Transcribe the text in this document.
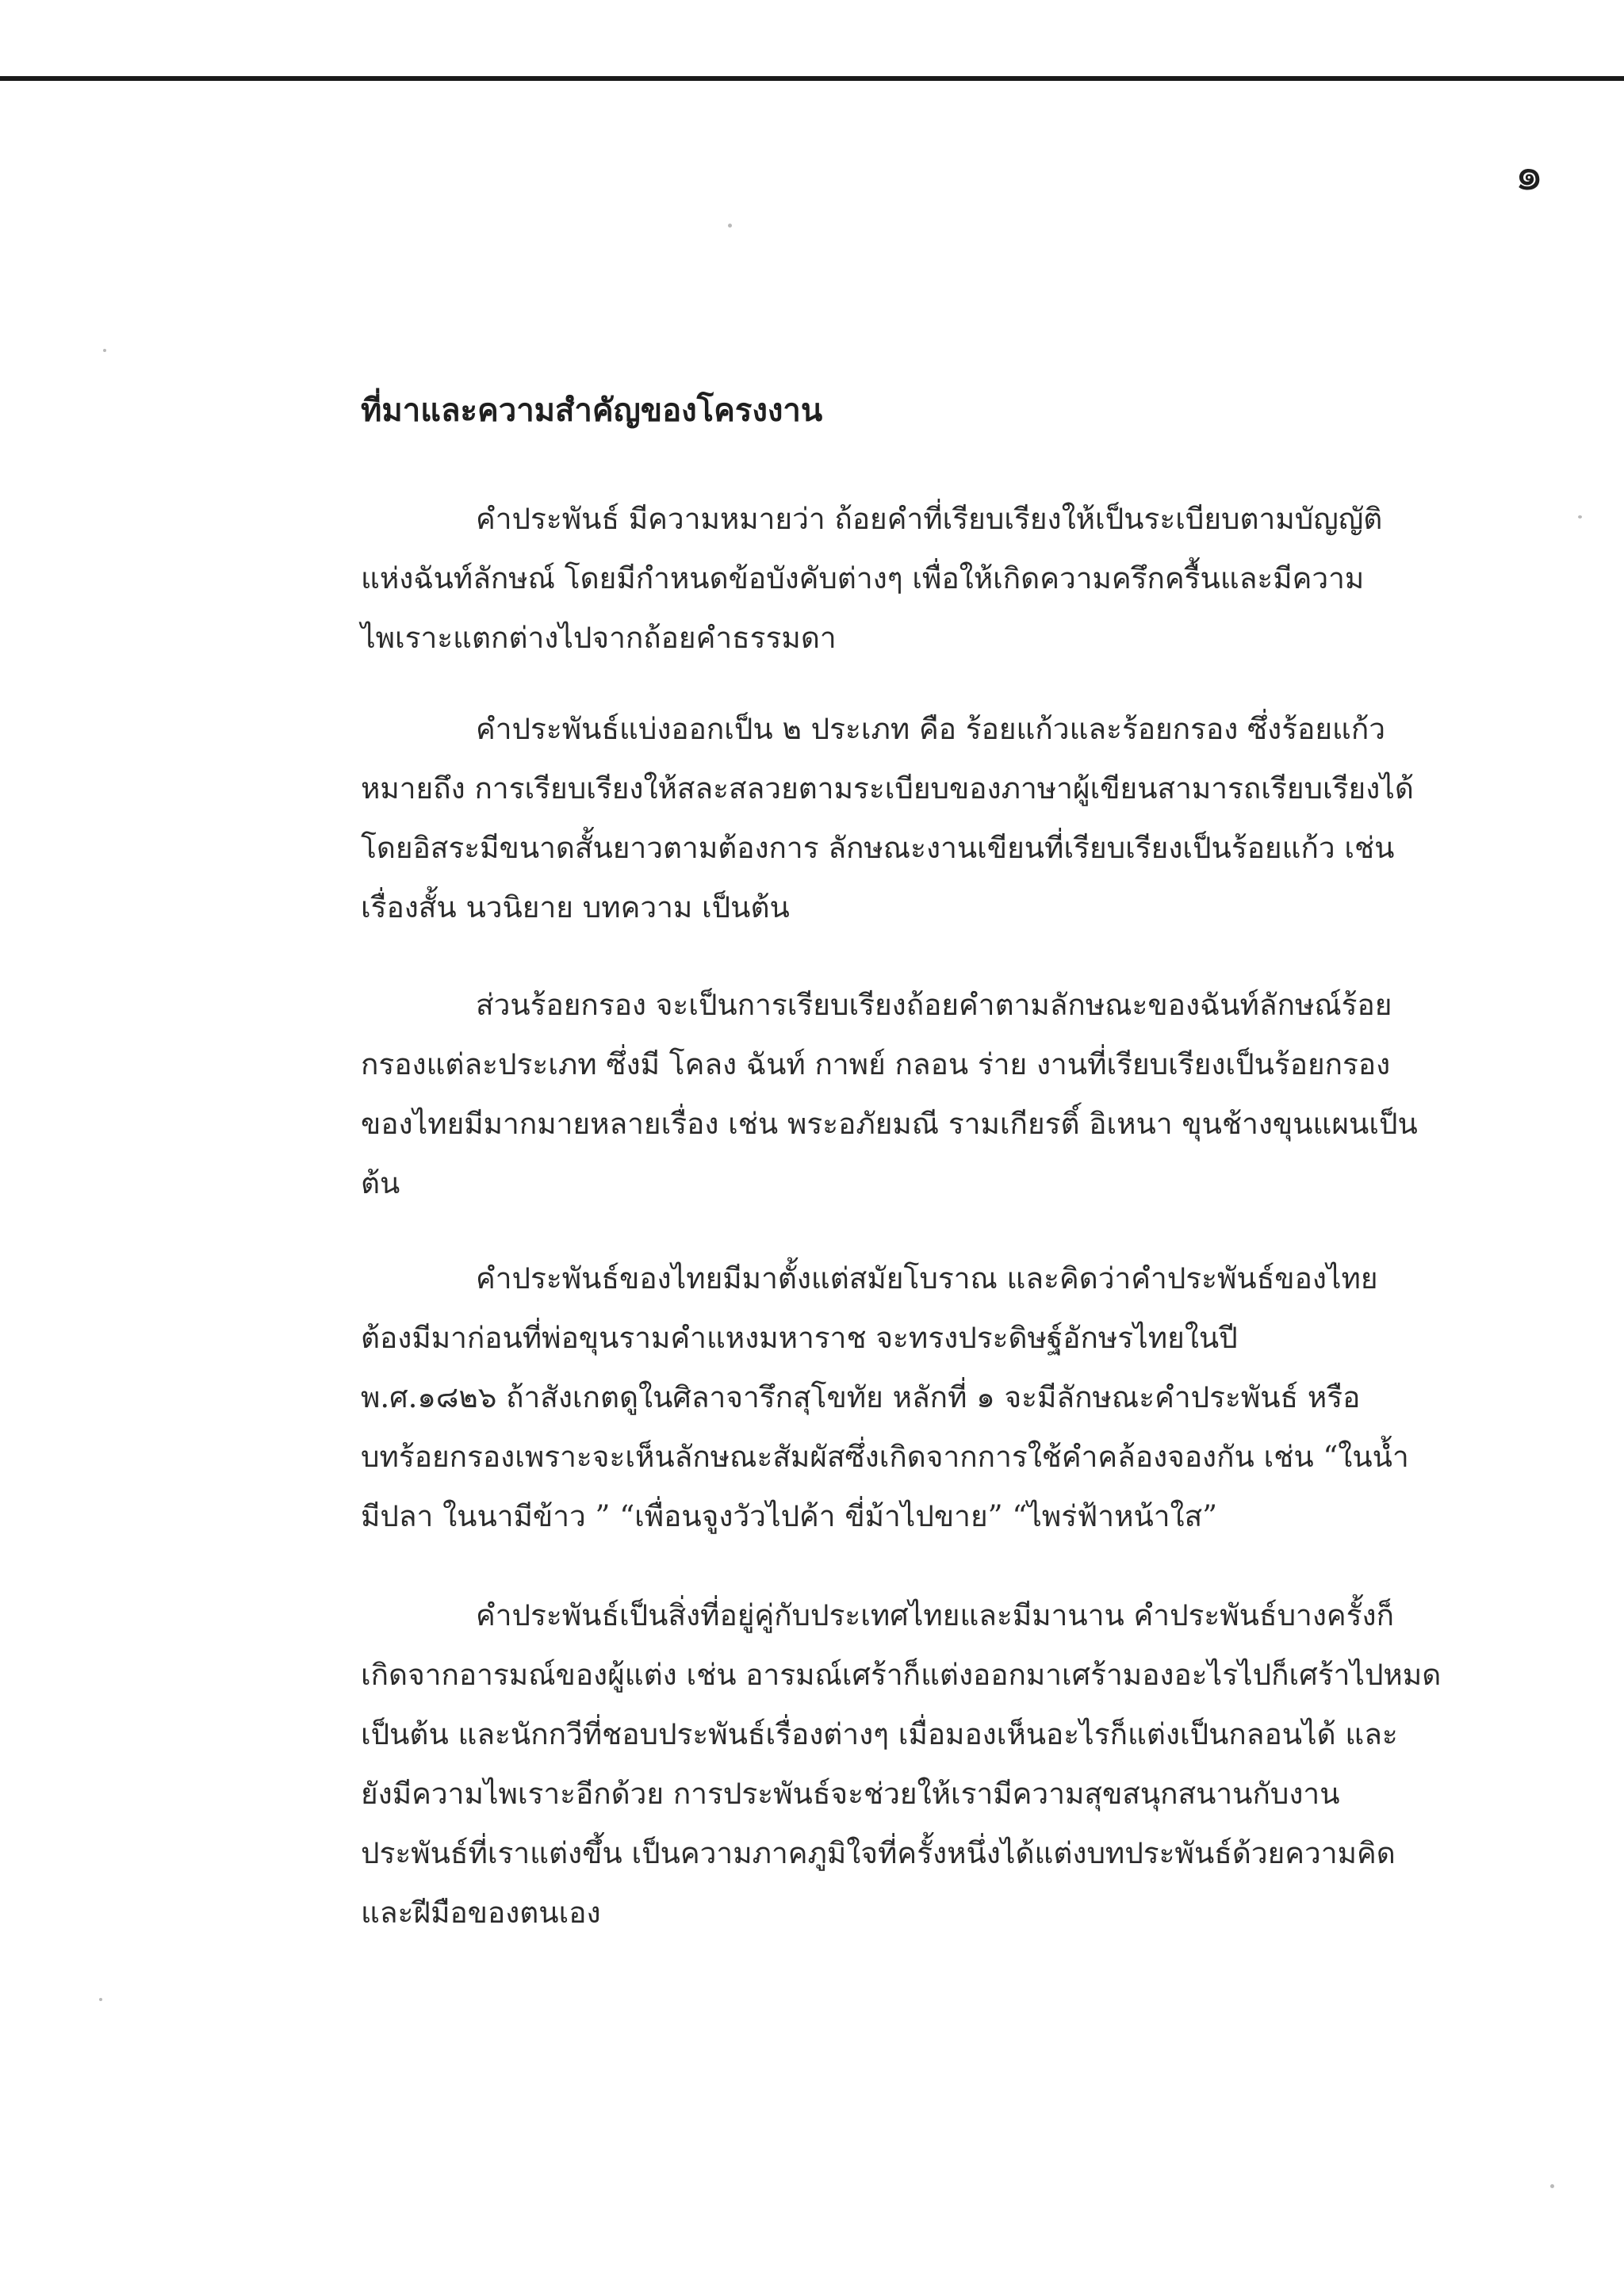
๑
ที่มาและความสำคัญของโครงงาน
คำประพันธ์ มีความหมายว่า ถ้อยคำที่เรียบเรียงให้เป็นระเบียบตามบัญญัติ
แห่งฉันท์ลักษณ์ โดยมีกำหนดข้อบังคับต่างๆ เพื่อให้เกิดความครึกครื้นและมีความ
ไพเราะแตกต่างไปจากถ้อยคำธรรมดา
คำประพันธ์แบ่งออกเป็น ๒ ประเภท คือ ร้อยแก้วและร้อยกรอง ซึ่งร้อยแก้ว
หมายถึง การเรียบเรียงให้สละสลวยตามระเบียบของภาษาผู้เขียนสามารถเรียบเรียงได้
โดยอิสระมีขนาดสั้นยาวตามต้องการ ลักษณะงานเขียนที่เรียบเรียงเป็นร้อยแก้ว เช่น
เรื่องสั้น นวนิยาย บทความ เป็นต้น
ส่วนร้อยกรอง จะเป็นการเรียบเรียงถ้อยคำตามลักษณะของฉันท์ลักษณ์ร้อย
กรองแต่ละประเภท ซึ่งมี โคลง ฉันท์ กาพย์ กลอน ร่าย งานที่เรียบเรียงเป็นร้อยกรอง
ของไทยมีมากมายหลายเรื่อง เช่น พระอภัยมณี รามเกียรติ์ อิเหนา ขุนช้างขุนแผนเป็น
ต้น
คำประพันธ์ของไทยมีมาตั้งแต่สมัยโบราณ และคิดว่าคำประพันธ์ของไทย
ต้องมีมาก่อนที่พ่อขุนรามคำแหงมหาราช จะทรงประดิษฐ์อักษรไทยในปี
พ.ศ.๑๘๒๖ ถ้าสังเกตดูในศิลาจารึกสุโขทัย หลักที่ ๑ จะมีลักษณะคำประพันธ์ หรือ
บทร้อยกรองเพราะจะเห็นลักษณะสัมผัสซึ่งเกิดจากการใช้คำคล้องจองกัน เช่น “ในน้ำ
มีปลา ในนามีข้าว ” “เพื่อนจูงวัวไปค้า ขี่ม้าไปขาย” “ไพร่ฟ้าหน้าใส”
คำประพันธ์เป็นสิ่งที่อยู่คู่กับประเทศไทยและมีมานาน คำประพันธ์บางครั้งก็
เกิดจากอารมณ์ของผู้แต่ง เช่น อารมณ์เศร้าก็แต่งออกมาเศร้ามองอะไรไปก็เศร้าไปหมด
เป็นต้น และนักกวีที่ชอบประพันธ์เรื่องต่างๆ เมื่อมองเห็นอะไรก็แต่งเป็นกลอนได้ และ
ยังมีความไพเราะอีกด้วย การประพันธ์จะช่วยให้เรามีความสุขสนุกสนานกับงาน
ประพันธ์ที่เราแต่งขึ้น เป็นความภาคภูมิใจที่ครั้งหนึ่งได้แต่งบทประพันธ์ด้วยความคิด
และฝีมือของตนเอง
